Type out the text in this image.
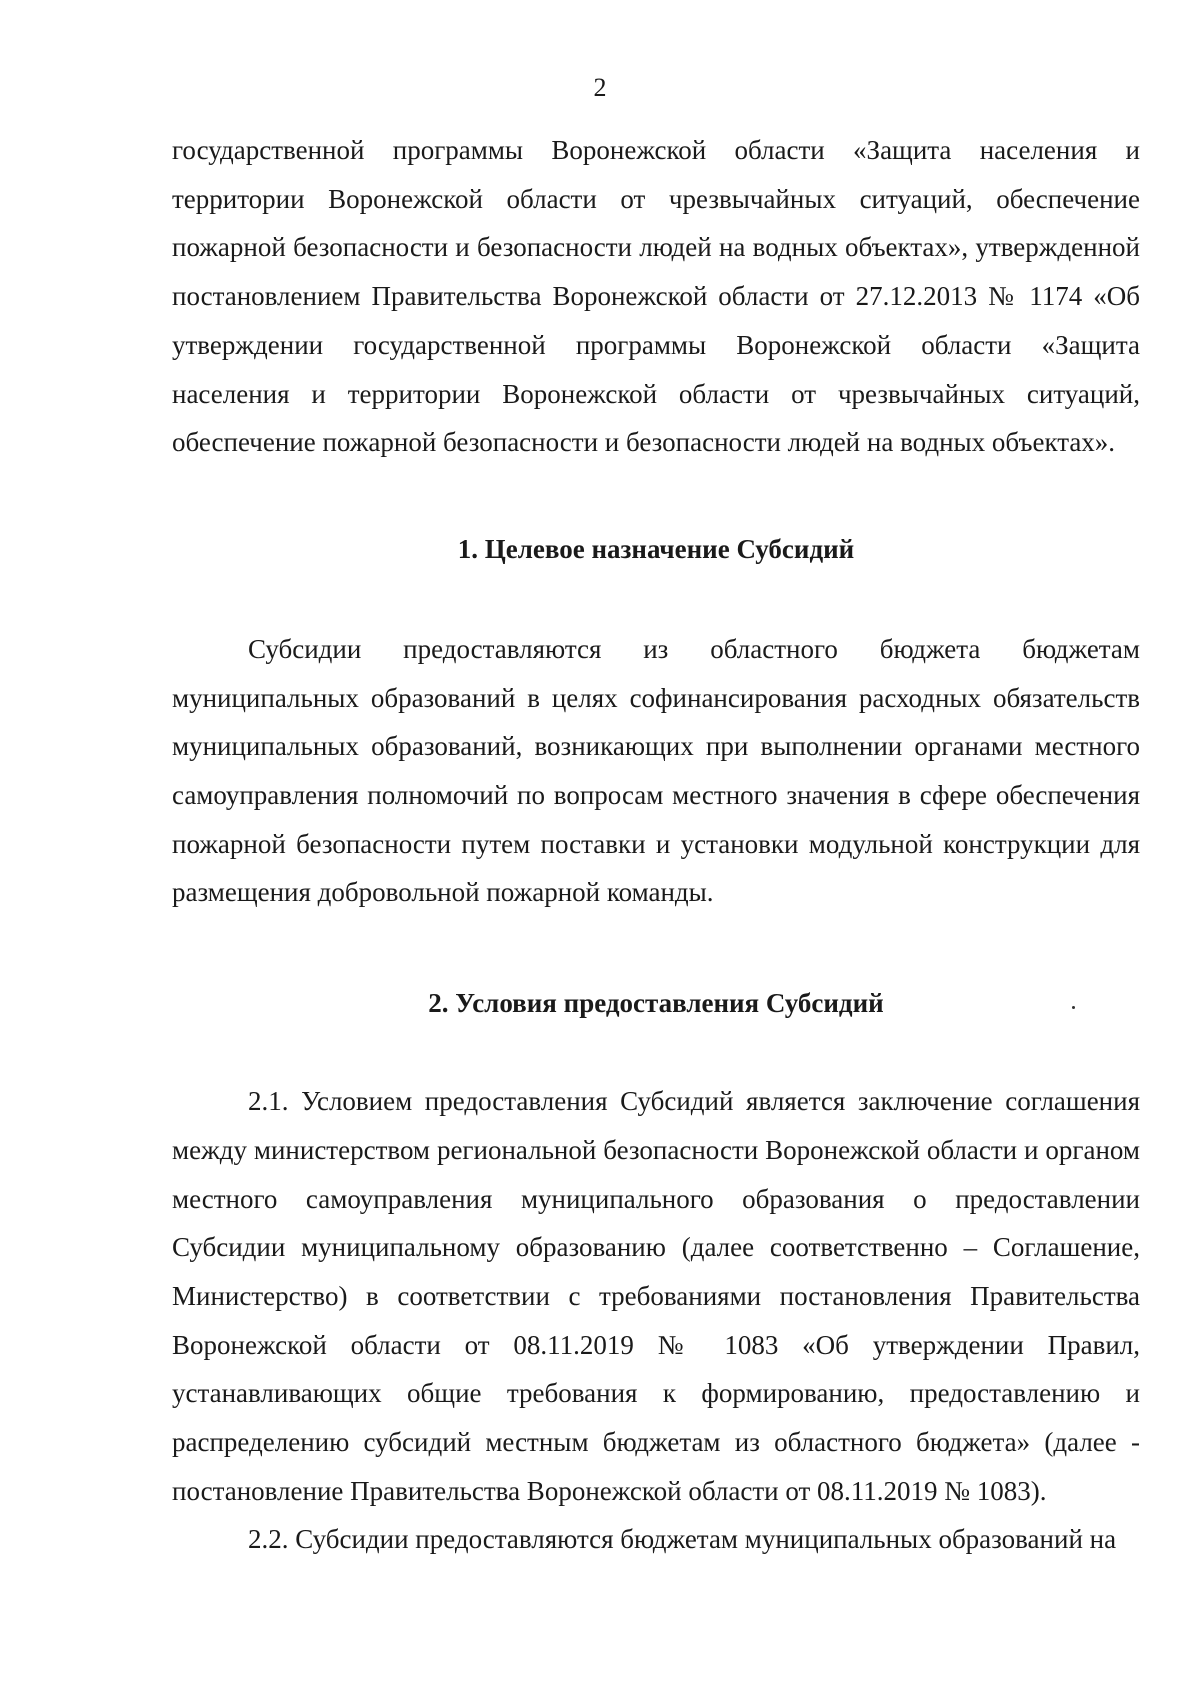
2

государственной программы Воронежской области «Защита населения и территории Воронежской области от чрезвычайных ситуаций, обеспечение пожарной безопасности и безопасности людей на водных объектах», утвержденной постановлением Правительства Воронежской области от 27.12.2013 № 1174 «Об утверждении государственной программы Воронежской области «Защита населения и территории Воронежской области от чрезвычайных ситуаций, обеспечение пожарной безопасности и безопасности людей на водных объектах».

1. Целевое назначение Субсидий

Субсидии предоставляются из областного бюджета бюджетам муниципальных образований в целях софинансирования расходных обязательств муниципальных образований, возникающих при выполнении органами местного самоуправления полномочий по вопросам местного значения в сфере обеспечения пожарной безопасности путем поставки и установки модульной конструкции для размещения добровольной пожарной команды.

2. Условия предоставления Субсидий

2.1. Условием предоставления Субсидий является заключение соглашения между министерством региональной безопасности Воронежской области и органом местного самоуправления муниципального образования о предоставлении Субсидии муниципальному образованию (далее соответственно – Соглашение, Министерство) в соответствии с требованиями постановления Правительства Воронежской области от 08.11.2019 № 1083 «Об утверждении Правил, устанавливающих общие требования к формированию, предоставлению и распределению субсидий местным бюджетам из областного бюджета» (далее - постановление Правительства Воронежской области от 08.11.2019 № 1083).

2.2. Субсидии предоставляются бюджетам муниципальных образований на
